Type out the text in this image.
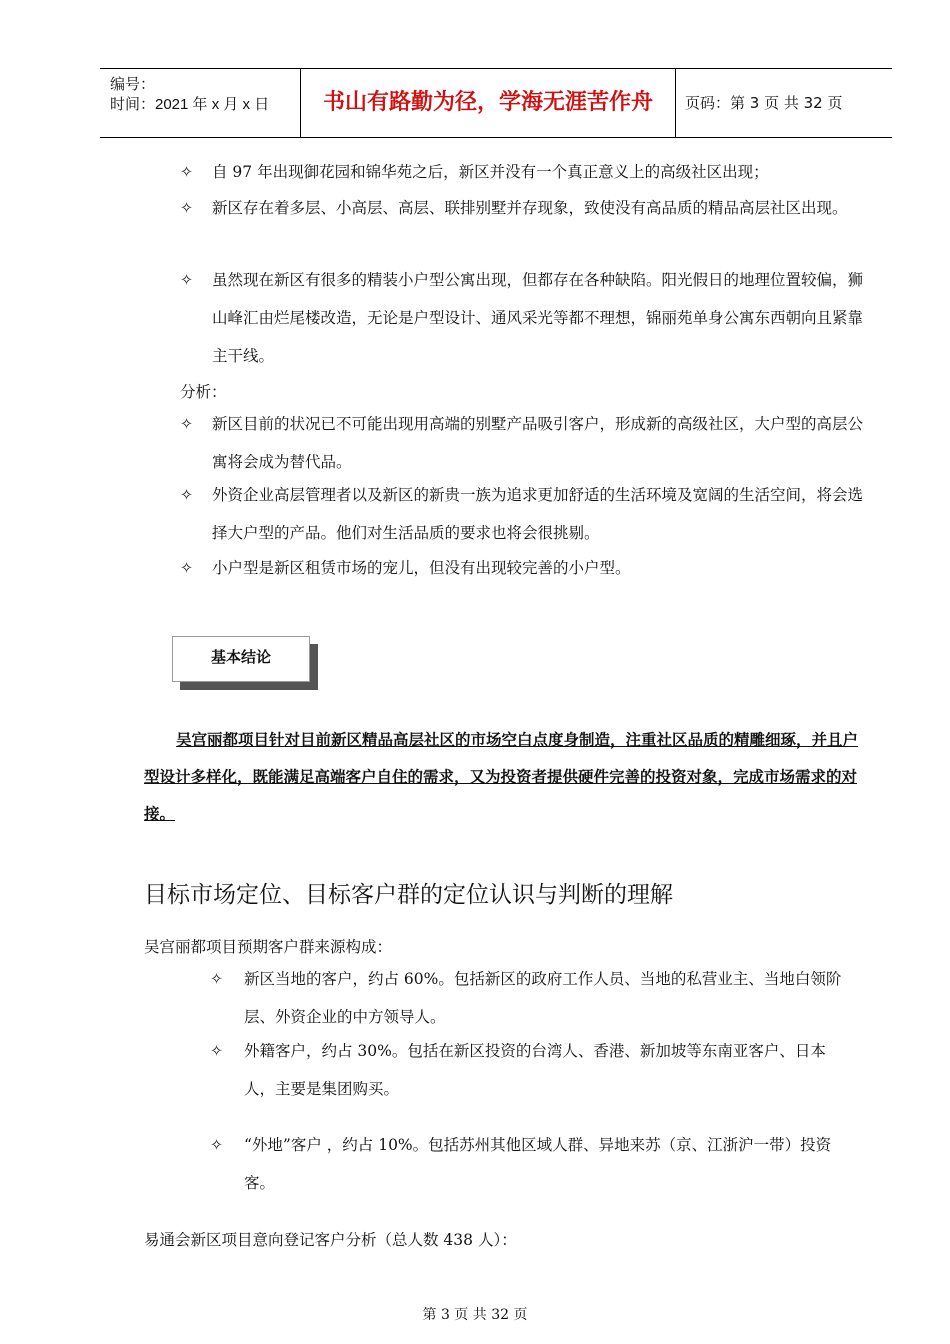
编号：
时间：2021 年 x 月 x 日	书山有路勤为径，学海无涯苦作舟	页码：第 3 页 共 32 页
✧ 自 97 年出现御花园和锦华苑之后，新区并没有一个真正意义上的高级社区出现；
✧ 新区存在着多层、小高层、高层、联排别墅并存现象，致使没有高品质的精品高层社区出现。
✧ 虽然现在新区有很多的精装小户型公寓出现，但都存在各种缺陷。阳光假日的地理位置较偏，狮山峰汇由烂尾楼改造，无论是户型设计、通风采光等都不理想，锦丽苑单身公寓东西朝向且紧靠主干线。
分析：
✧ 新区目前的状况已不可能出现用高端的别墅产品吸引客户，形成新的高级社区，大户型的高层公寓将会成为替代品。
✧ 外资企业高层管理者以及新区的新贵一族为追求更加舒适的生活环境及宽阔的生活空间，将会选择大户型的产品。他们对生活品质的要求也将会很挑剔。
✧ 小户型是新区租赁市场的宠儿，但没有出现较完善的小户型。
基本结论
吴宫丽都项目针对目前新区精品高层社区的市场空白点度身制造，注重社区品质的精雕细琢，并且户型设计多样化，既能满足高端客户自住的需求，又为投资者提供硬件完善的投资对象，完成市场需求的对接。
目标市场定位、目标客户群的定位认识与判断的理解
吴宫丽都项目预期客户群来源构成：
✧ 新区当地的客户，约占 60%。包括新区的政府工作人员、当地的私营业主、当地白领阶层、外资企业的中方领导人。
✧ 外籍客户，约占 30%。包括在新区投资的台湾人、香港、新加坡等东南亚客户、日本人，主要是集团购买。
✧ “外地”客户 ，约占 10%。包括苏州其他区域人群、异地来苏（京、江浙沪一带）投资客。
易通会新区项目意向登记客户分析（总人数 438 人）：
第 3 页 共 32 页
